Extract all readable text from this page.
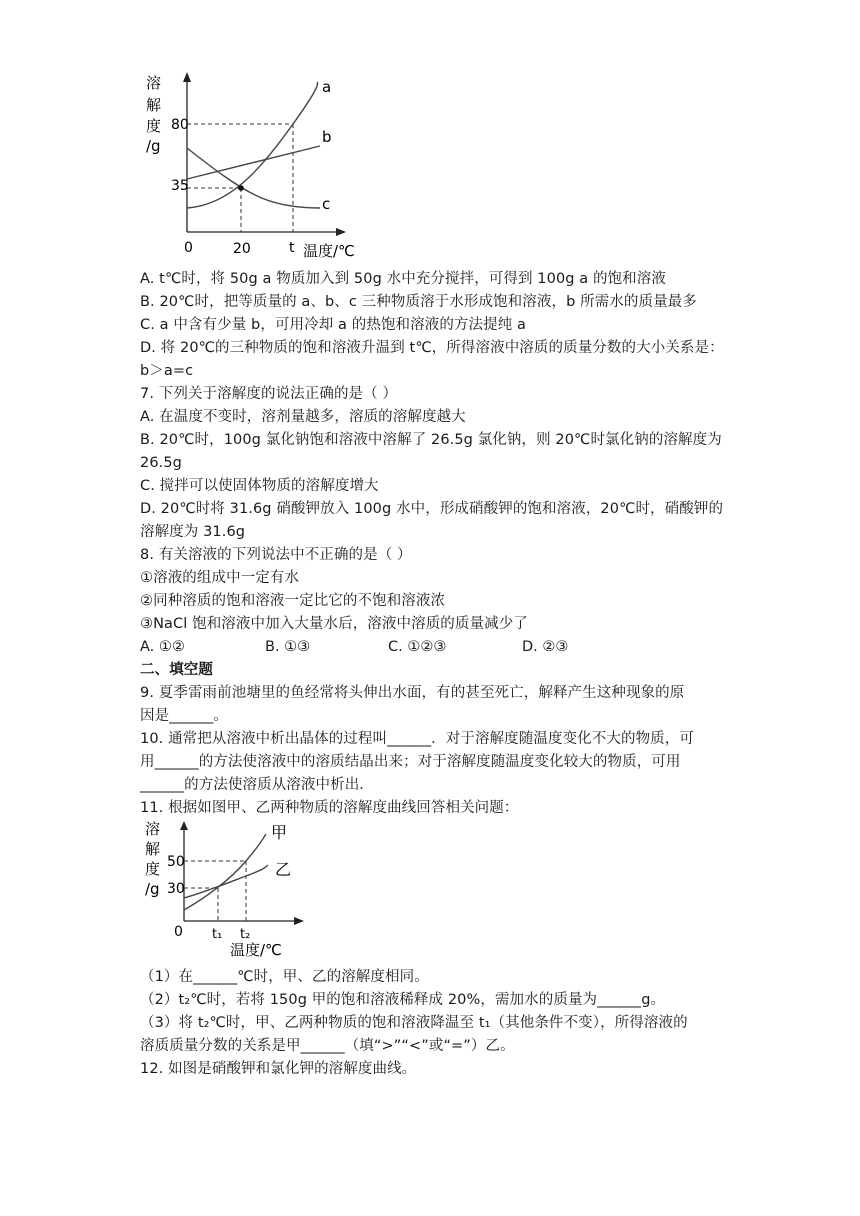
溶
解
度
/g
80
35
0	20	t 温度/℃
a
b
c
A. t℃时，将 50g a 物质加入到 50g 水中充分搅拌，可得到 100g a 的饱和溶液
B. 20℃时，把等质量的 a、b、c 三种物质溶于水形成饱和溶液，b 所需水的质量最多
C. a 中含有少量 b，可用冷却 a 的热饱和溶液的方法提纯 a
D. 将 20℃的三种物质的饱和溶液升温到 t℃，所得溶液中溶质的质量分数的大小关系是：
b＞a=c
7. 下列关于溶解度的说法正确的是（ ）
A. 在温度不变时，溶剂量越多，溶质的溶解度越大
B. 20℃时，100g 氯化钠饱和溶液中溶解了 26.5g 氯化钠，则 20℃时氯化钠的溶解度为
26.5g
C. 搅拌可以使固体物质的溶解度增大
D. 20℃时将 31.6g 硝酸钾放入 100g 水中，形成硝酸钾的饱和溶液，20℃时，硝酸钾的
溶解度为 31.6g
8. 有关溶液的下列说法中不正确的是（ ）
①溶液的组成中一定有水
②同种溶质的饱和溶液一定比它的不饱和溶液浓
③NaCl 饱和溶液中加入大量水后，溶液中溶质的质量减少了
A. ①②	B. ①③	C. ①②③	D. ②③
二、填空题
9. 夏季雷雨前池塘里的鱼经常将头伸出水面，有的甚至死亡，解释产生这种现象的原
因是______。
10. 通常把从溶液中析出晶体的过程叫______．对于溶解度随温度变化不大的物质，可
用______的方法使溶液中的溶质结晶出来；对于溶解度随温度变化较大的物质，可用
______的方法使溶质从溶液中析出．
11. 根据如图甲、乙两种物质的溶解度曲线回答相关问题：
溶
解
度
/g
50
30
0 t₁ t₂
温度/℃
甲
乙
（1）在______℃时，甲、乙的溶解度相同。
（2）t₂℃时，若将 150g 甲的饱和溶液稀释成 20%，需加水的质量为______g。
（3）将 t₂℃时，甲、乙两种物质的饱和溶液降温至 t₁（其他条件不变），所得溶液的
溶质质量分数的关系是甲______（填“>”“<”或“=”）乙。
12. 如图是硝酸钾和氯化钾的溶解度曲线。
